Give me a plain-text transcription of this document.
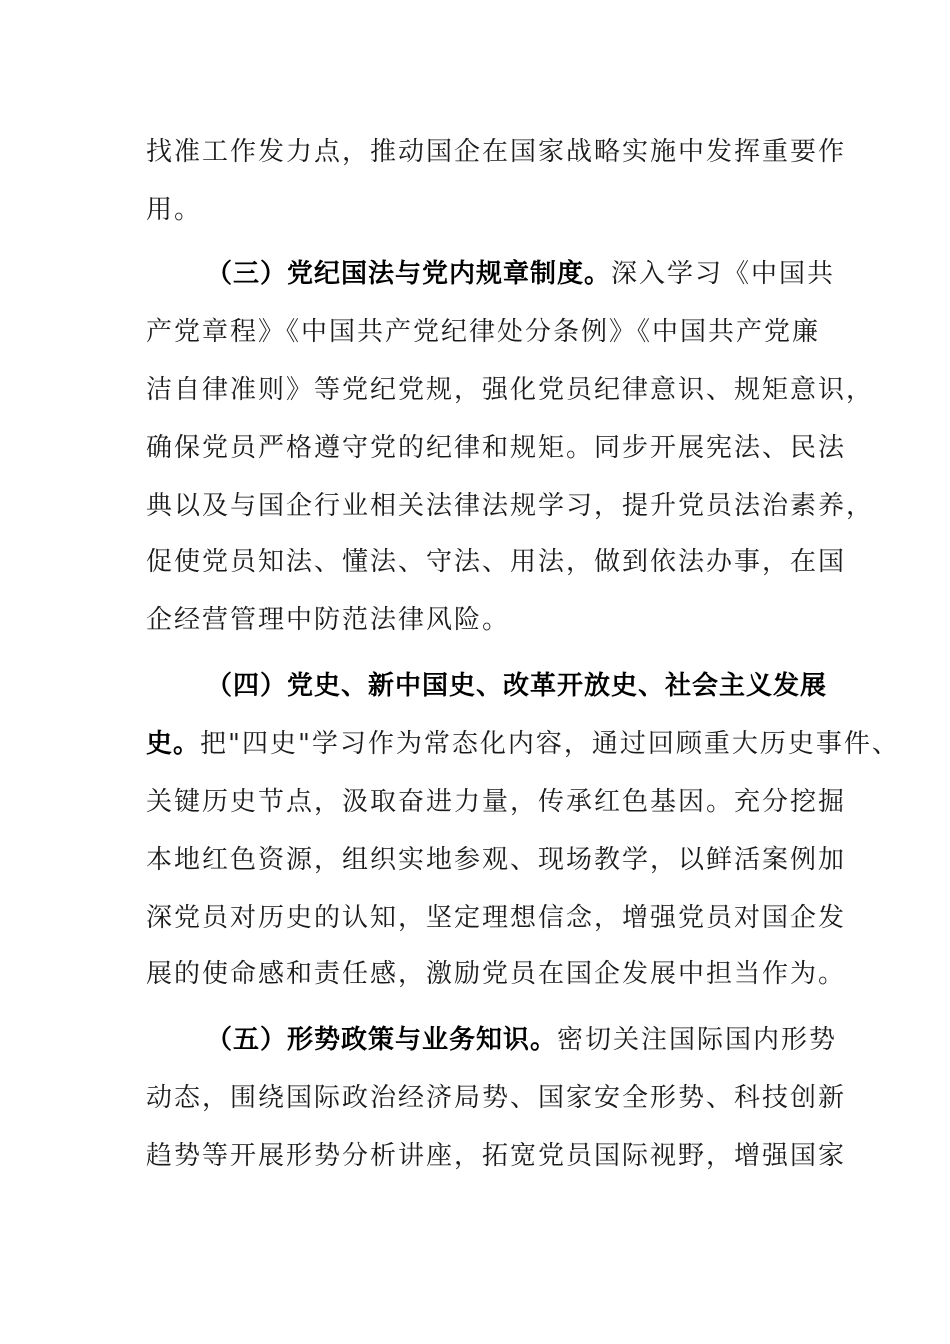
找准工作发力点，推动国企在国家战略实施中发挥重要作
用。
（三）党纪国法与党内规章制度。深入学习《中国共
产党章程》《中国共产党纪律处分条例》《中国共产党廉
洁自律准则》等党纪党规，强化党员纪律意识、规矩意识，
确保党员严格遵守党的纪律和规矩。同步开展宪法、民法
典以及与国企行业相关法律法规学习，提升党员法治素养，
促使党员知法、懂法、守法、用法，做到依法办事，在国
企经营管理中防范法律风险。
（四）党史、新中国史、改革开放史、社会主义发展
史。把"四史"学习作为常态化内容，通过回顾重大历史事件、
关键历史节点，汲取奋进力量，传承红色基因。充分挖掘
本地红色资源，组织实地参观、现场教学，以鲜活案例加
深党员对历史的认知，坚定理想信念，增强党员对国企发
展的使命感和责任感，激励党员在国企发展中担当作为。
（五）形势政策与业务知识。密切关注国际国内形势
动态，围绕国际政治经济局势、国家安全形势、科技创新
趋势等开展形势分析讲座，拓宽党员国际视野，增强国家
